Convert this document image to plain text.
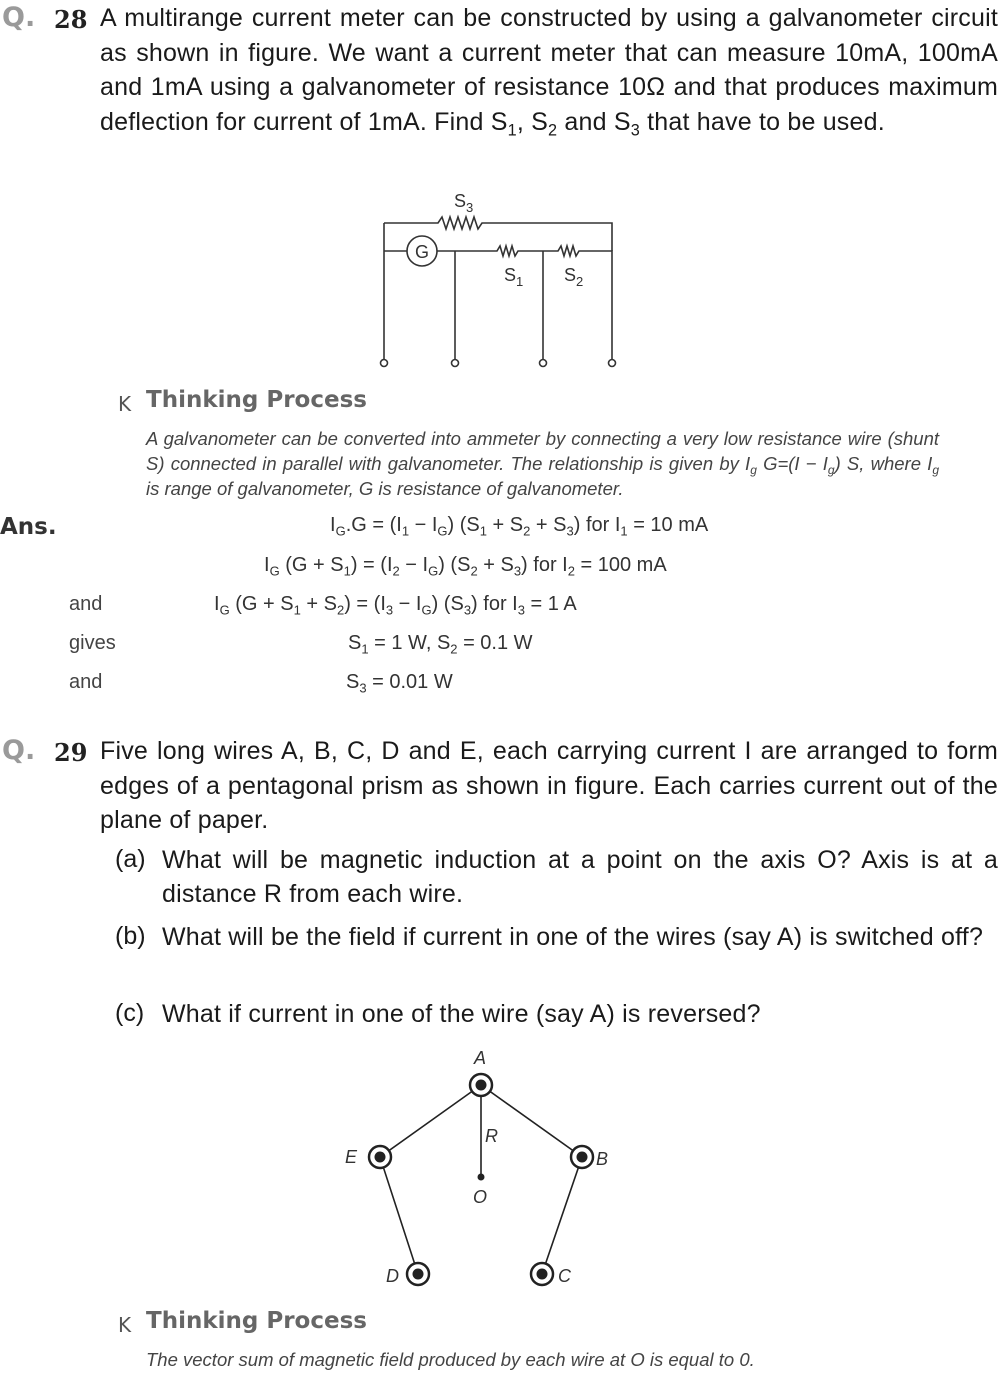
Q. 28 A multirange current meter can be constructed by using a galvanometer circuit as shown in figure. We want a current meter that can measure 10mA, 100mA and 1mA using a galvanometer of resistance 10Ω and that produces maximum deflection for current of 1mA. Find $S_1$, $S_2$ and $S_3$ that have to be used.
$S_3$
G
$S_1$ $S_2$
K Thinking Process
A galvanometer can be converted into ammeter by connecting a very low resistance wire (shunt S) connected in parallel with galvanometer. The relationship is given by $I_g$ $G=(I - I_g)$ S, where $I_g$ is range of galvanometer, G is resistance of galvanometer.
Ans.	$I_G.G = (I_1 - I_G) (S_1 + S_2 + S_3)$ for $I_1 = 10$ mA
$I_G$ $(G + S_1) = (I_2 - I_G)$ $(S_2 + S_3)$ for $I_2 = 100$ mA
and	$I_G$ $(G + S_1 + S_2) = (I_3 - I_G)$ $(S_3)$ for $I_3 = 1$ A
gives	$S_1 = 1$ W, $S_2 = 0.1$ W
and	$S_3 = 0.01$ W
Q. 29 Five long wires A, B, C, D and E, each carrying current I are arranged to form edges of a pentagonal prism as shown in figure. Each carries current out of the plane of paper.
(a) What will be magnetic induction at a point on the axis O? Axis is at a distance R from each wire.
(b) What will be the field if current in one of the wires (say A) is switched off?
(c) What if current in one of the wire (say A) is reversed?
A
B
C
D
E
O
R
K Thinking Process
The vector sum of magnetic field produced by each wire at O is equal to 0.
